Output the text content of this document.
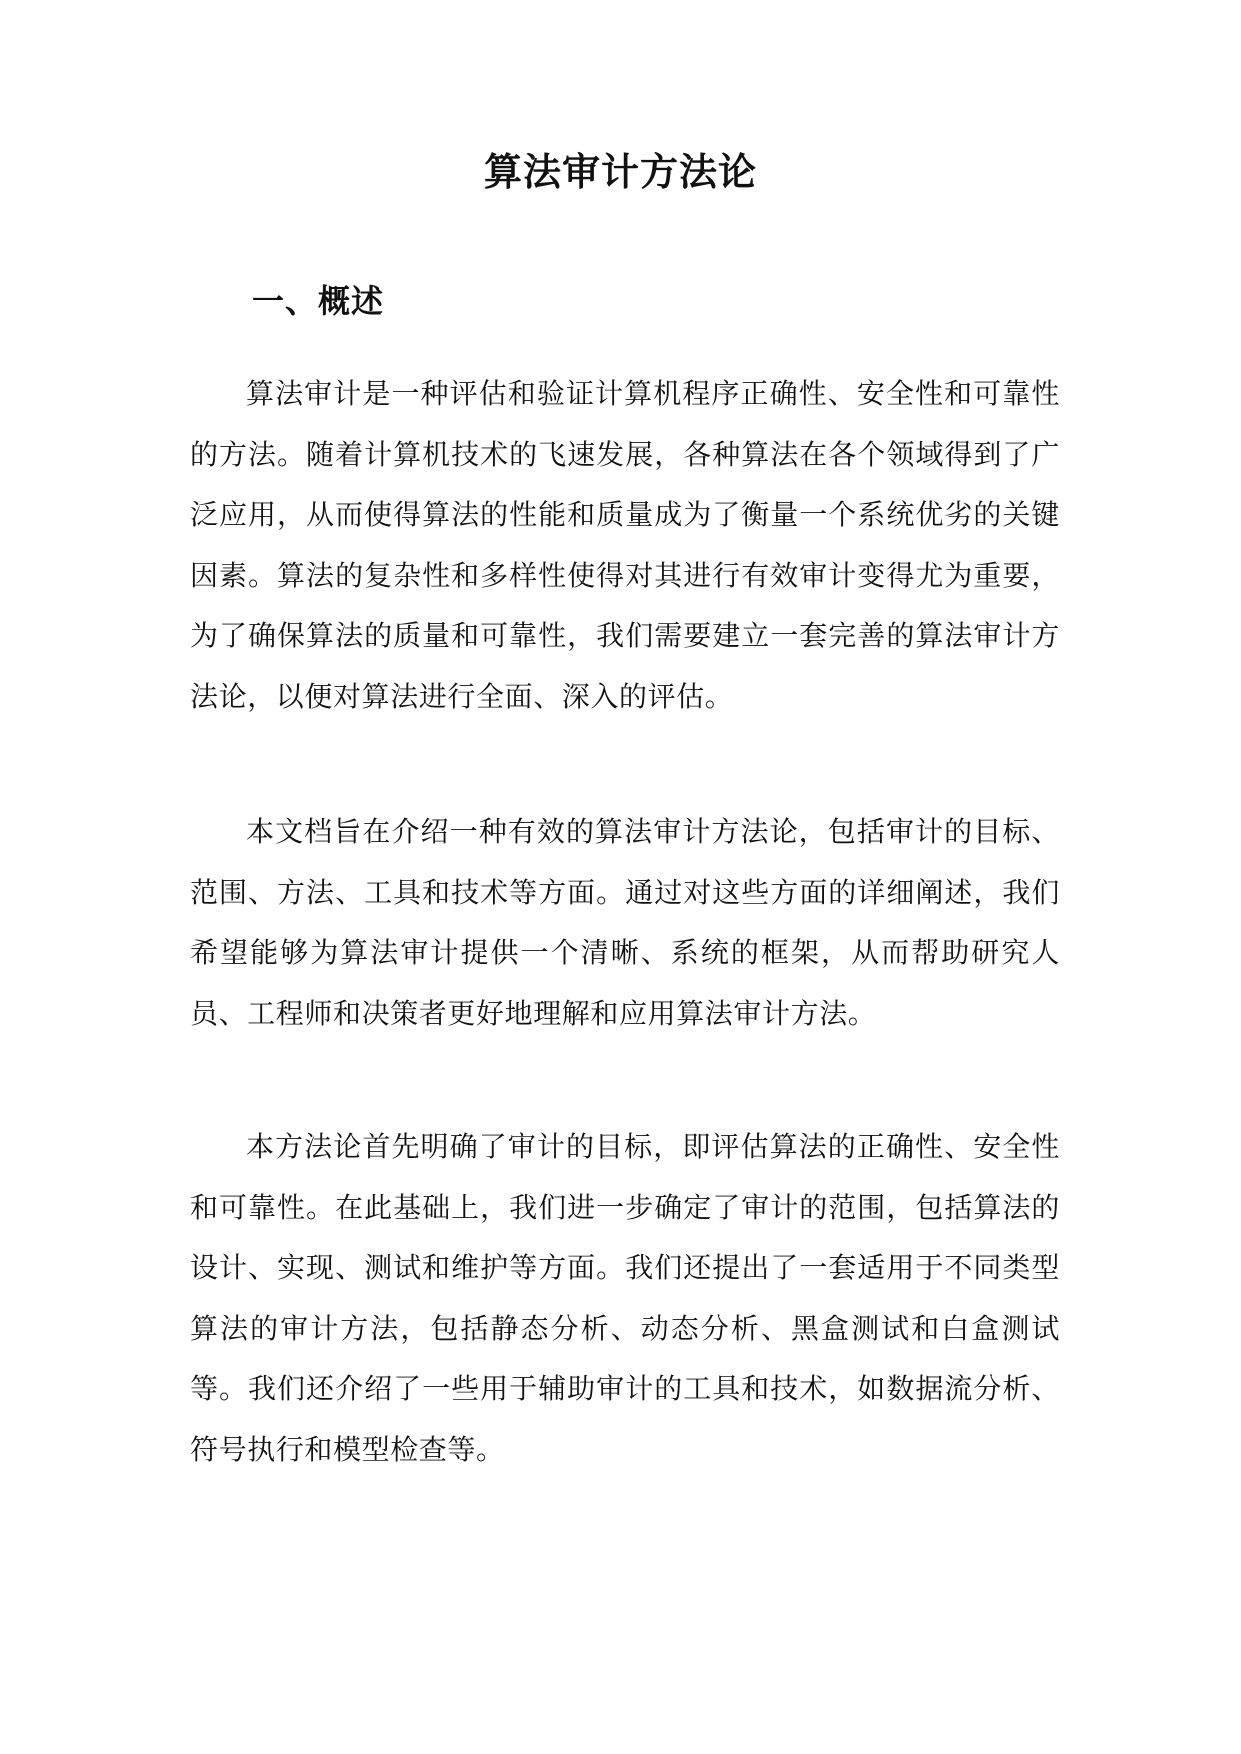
算法审计方法论
一、概述

算法审计是一种评估和验证计算机程序正确性、安全性和可靠性的方法。随着计算机技术的飞速发展，各种算法在各个领域得到了广泛应用，从而使得算法的性能和质量成为了衡量一个系统优劣的关键因素。算法的复杂性和多样性使得对其进行有效审计变得尤为重要，为了确保算法的质量和可靠性，我们需要建立一套完善的算法审计方法论，以便对算法进行全面、深入的评估。

本文档旨在介绍一种有效的算法审计方法论，包括审计的目标、范围、方法、工具和技术等方面。通过对这些方面的详细阐述，我们希望能够为算法审计提供一个清晰、系统的框架，从而帮助研究人员、工程师和决策者更好地理解和应用算法审计方法。

本方法论首先明确了审计的目标，即评估算法的正确性、安全性和可靠性。在此基础上，我们进一步确定了审计的范围，包括算法的设计、实现、测试和维护等方面。我们还提出了一套适用于不同类型算法的审计方法，包括静态分析、动态分析、黑盒测试和白盒测试等。我们还介绍了一些用于辅助审计的工具和技术，如数据流分析、符号执行和模型检查等。
